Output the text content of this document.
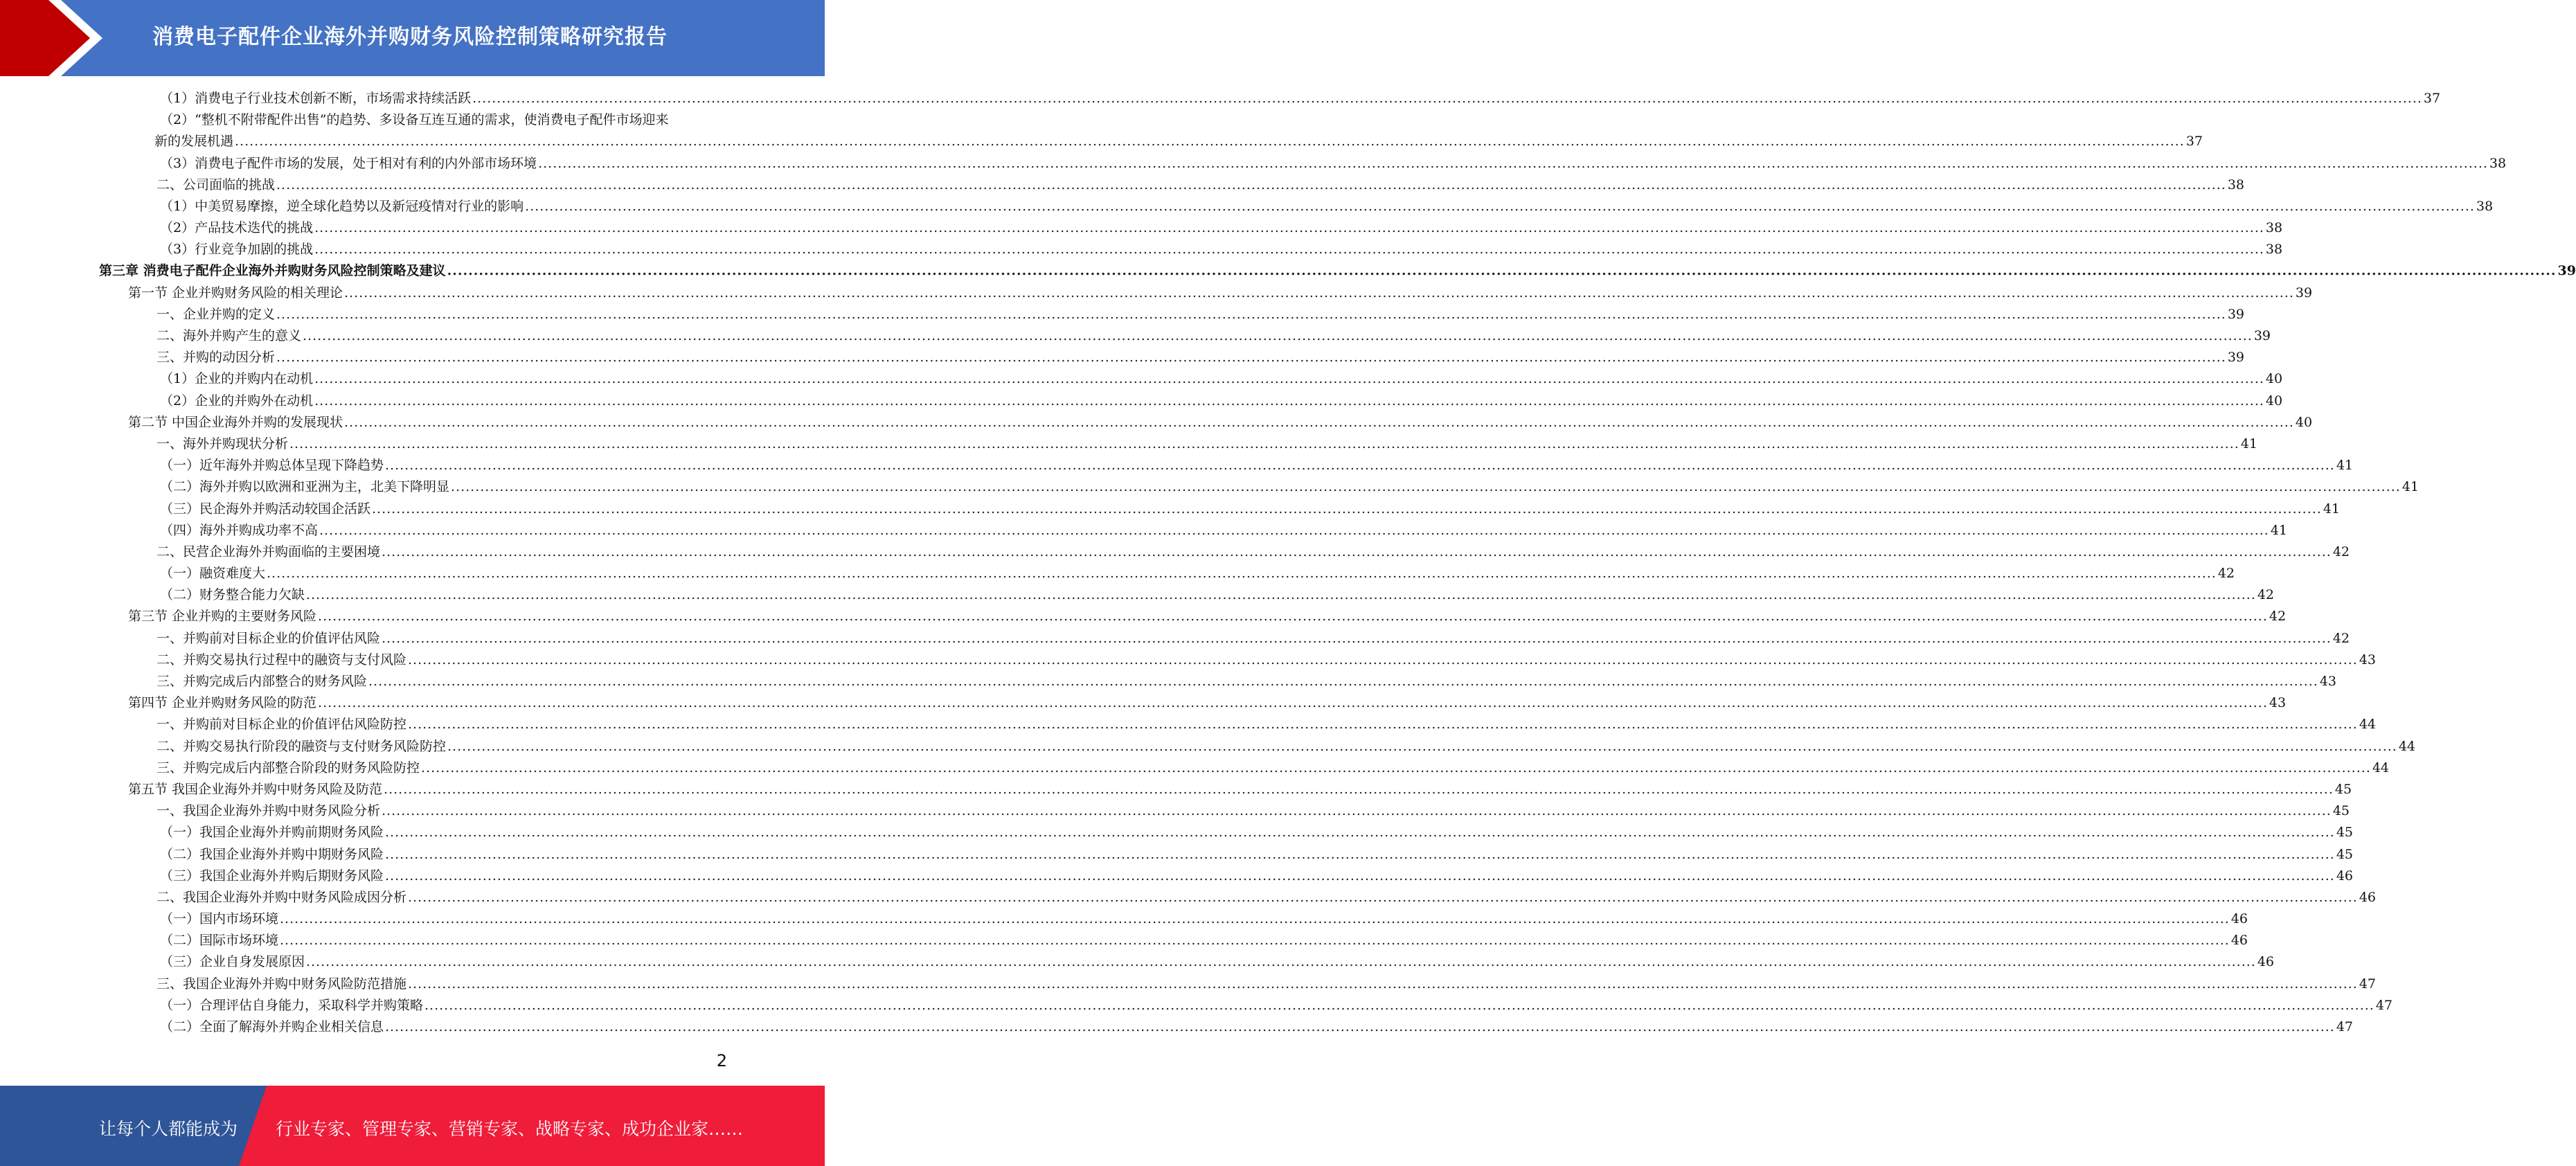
消费电子配件企业海外并购财务风险控制策略研究报告
（1）消费电子行业技术创新不断，市场需求持续活跃 ................................................................................................................................................................................................................................................................................................................................................................................................................ 37
（2）“整机不附带配件出售”的趋势、多设备互连互通的需求，使消费电子配件市场迎来
新的发展机遇 ................................................................................................................................................................................................................................................................................................................................................................................................................ 37
（3）消费电子配件市场的发展，处于相对有利的内外部市场环境 ................................................................................................................................................................................................................................................................................................................................................................................................................ 38
二、公司面临的挑战 ................................................................................................................................................................................................................................................................................................................................................................................................................ 38
（1）中美贸易摩擦，逆全球化趋势以及新冠疫情对行业的影响 ................................................................................................................................................................................................................................................................................................................................................................................................................ 38
（2）产品技术迭代的挑战 ................................................................................................................................................................................................................................................................................................................................................................................................................ 38
（3）行业竞争加剧的挑战 ................................................................................................................................................................................................................................................................................................................................................................................................................ 38
第三章 消费电子配件企业海外并购财务风险控制策略及建议 ................................................................................................................................................................................................................................................................................................................................................................................................................ 39
第一节 企业并购财务风险的相关理论 ................................................................................................................................................................................................................................................................................................................................................................................................................ 39
一、企业并购的定义 ................................................................................................................................................................................................................................................................................................................................................................................................................ 39
二、海外并购产生的意义 ................................................................................................................................................................................................................................................................................................................................................................................................................ 39
三、并购的动因分析 ................................................................................................................................................................................................................................................................................................................................................................................................................ 39
（1）企业的并购内在动机 ................................................................................................................................................................................................................................................................................................................................................................................................................ 40
（2）企业的并购外在动机 ................................................................................................................................................................................................................................................................................................................................................................................................................ 40
第二节 中国企业海外并购的发展现状 ................................................................................................................................................................................................................................................................................................................................................................................................................ 40
一、海外并购现状分析 ................................................................................................................................................................................................................................................................................................................................................................................................................ 41
（一）近年海外并购总体呈现下降趋势 ................................................................................................................................................................................................................................................................................................................................................................................................................ 41
（二）海外并购以欧洲和亚洲为主，北美下降明显 ................................................................................................................................................................................................................................................................................................................................................................................................................ 41
（三）民企海外并购活动较国企活跃 ................................................................................................................................................................................................................................................................................................................................................................................................................ 41
（四）海外并购成功率不高 ................................................................................................................................................................................................................................................................................................................................................................................................................ 41
二、民营企业海外并购面临的主要困境 ................................................................................................................................................................................................................................................................................................................................................................................................................ 42
（一）融资难度大 ................................................................................................................................................................................................................................................................................................................................................................................................................ 42
（二）财务整合能力欠缺 ................................................................................................................................................................................................................................................................................................................................................................................................................ 42
第三节 企业并购的主要财务风险 ................................................................................................................................................................................................................................................................................................................................................................................................................ 42
一、并购前对目标企业的价值评估风险 ................................................................................................................................................................................................................................................................................................................................................................................................................ 42
二、并购交易执行过程中的融资与支付风险 ................................................................................................................................................................................................................................................................................................................................................................................................................ 43
三、并购完成后内部整合的财务风险 ................................................................................................................................................................................................................................................................................................................................................................................................................ 43
第四节 企业并购财务风险的防范 ................................................................................................................................................................................................................................................................................................................................................................................................................ 43
一、并购前对目标企业的价值评估风险防控 ................................................................................................................................................................................................................................................................................................................................................................................................................ 44
二、并购交易执行阶段的融资与支付财务风险防控 ................................................................................................................................................................................................................................................................................................................................................................................................................ 44
三、并购完成后内部整合阶段的财务风险防控 ................................................................................................................................................................................................................................................................................................................................................................................................................ 44
第五节 我国企业海外并购中财务风险及防范 ................................................................................................................................................................................................................................................................................................................................................................................................................ 45
一、我国企业海外并购中财务风险分析 ................................................................................................................................................................................................................................................................................................................................................................................................................ 45
（一）我国企业海外并购前期财务风险 ................................................................................................................................................................................................................................................................................................................................................................................................................ 45
（二）我国企业海外并购中期财务风险 ................................................................................................................................................................................................................................................................................................................................................................................................................ 45
（三）我国企业海外并购后期财务风险 ................................................................................................................................................................................................................................................................................................................................................................................................................ 46
二、我国企业海外并购中财务风险成因分析 ................................................................................................................................................................................................................................................................................................................................................................................................................ 46
（一）国内市场环境 ................................................................................................................................................................................................................................................................................................................................................................................................................ 46
（二）国际市场环境 ................................................................................................................................................................................................................................................................................................................................................................................................................ 46
（三）企业自身发展原因 ................................................................................................................................................................................................................................................................................................................................................................................................................ 46
三、我国企业海外并购中财务风险防范措施 ................................................................................................................................................................................................................................................................................................................................................................................................................ 47
（一）合理评估自身能力，采取科学并购策略 ................................................................................................................................................................................................................................................................................................................................................................................................................ 47
（二）全面了解海外并购企业相关信息 ................................................................................................................................................................................................................................................................................................................................................................................................................ 47
2
让每个人都能成为 行业专家、管理专家、营销专家、战略专家、成功企业家……
